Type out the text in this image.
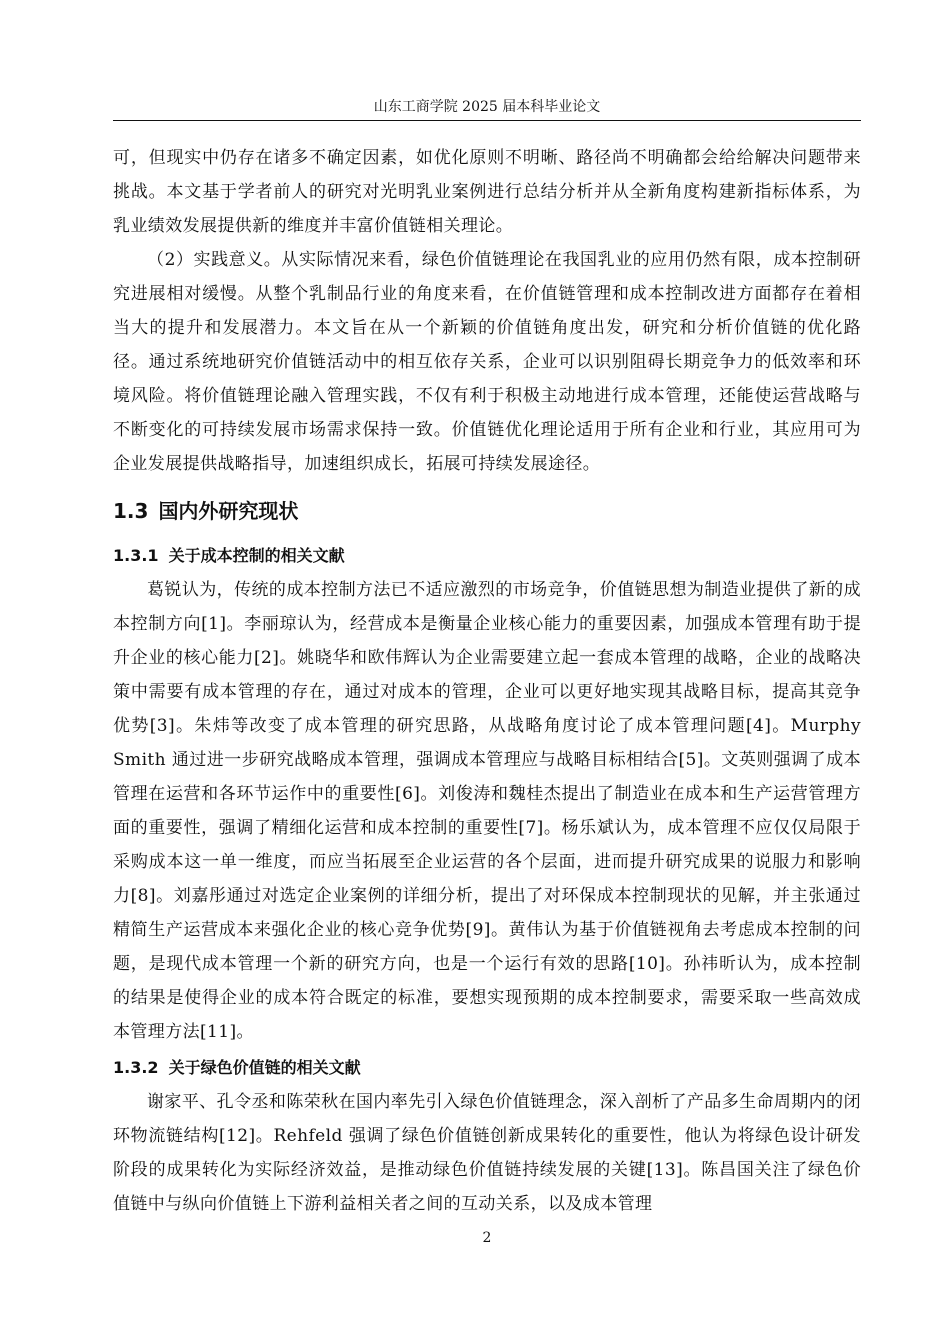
山东工商学院 2025 届本科毕业论文

可，但现实中仍存在诸多不确定因素，如优化原则不明晰、路径尚不明确都会给给解决问题带来挑战。本文基于学者前人的研究对光明乳业案例进行总结分析并从全新角度构建新指标体系，为乳业绩效发展提供新的维度并丰富价值链相关理论。

（2）实践意义。从实际情况来看，绿色价值链理论在我国乳业的应用仍然有限，成本控制研究进展相对缓慢。从整个乳制品行业的角度来看，在价值链管理和成本控制改进方面都存在着相当大的提升和发展潜力。本文旨在从一个新颖的价值链角度出发，研究和分析价值链的优化路径。通过系统地研究价值链活动中的相互依存关系，企业可以识别阻碍长期竞争力的低效率和环境风险。将价值链理论融入管理实践，不仅有利于积极主动地进行成本管理，还能使运营战略与不断变化的可持续发展市场需求保持一致。价值链优化理论适用于所有企业和行业，其应用可为企业发展提供战略指导，加速组织成长，拓展可持续发展途径。

1.3 国内外研究现状
1.3.1 关于成本控制的相关文献

葛锐认为，传统的成本控制方法已不适应激烈的市场竞争，价值链思想为制造业提供了新的成本控制方向[1]。李丽琼认为，经营成本是衡量企业核心能力的重要因素，加强成本管理有助于提升企业的核心能力[2]。姚晓华和欧伟辉认为企业需要建立起一套成本管理的战略，企业的战略决策中需要有成本管理的存在，通过对成本的管理，企业可以更好地实现其战略目标，提高其竞争优势[3]。朱炜等改变了成本管理的研究思路，从战略角度讨论了成本管理问题[4]。Murphy Smith 通过进一步研究战略成本管理，强调成本管理应与战略目标相结合[5]。文英则强调了成本管理在运营和各环节运作中的重要性[6]。刘俊涛和魏桂杰提出了制造业在成本和生产运营管理方面的重要性，强调了精细化运营和成本控制的重要性[7]。杨乐斌认为，成本管理不应仅仅局限于采购成本这一单一维度，而应当拓展至企业运营的各个层面，进而提升研究成果的说服力和影响力[8]。刘嘉彤通过对选定企业案例的详细分析，提出了对环保成本控制现状的见解，并主张通过精简生产运营成本来强化企业的核心竞争优势[9]。黄伟认为基于价值链视角去考虑成本控制的问题，是现代成本管理一个新的研究方向，也是一个运行有效的思路[10]。孙祎昕认为，成本控制的结果是使得企业的成本符合既定的标准，要想实现预期的成本控制要求，需要采取一些高效成本管理方法[11]。

1.3.2 关于绿色价值链的相关文献

谢家平、孔令丞和陈荣秋在国内率先引入绿色价值链理念，深入剖析了产品多生命周期内的闭环物流链结构[12]。Rehfeld 强调了绿色价值链创新成果转化的重要性，他认为将绿色设计研发阶段的成果转化为实际经济效益，是推动绿色价值链持续发展的关键[13]。陈昌国关注了绿色价值链中与纵向价值链上下游利益相关者之间的互动关系，以及成本管理

2
